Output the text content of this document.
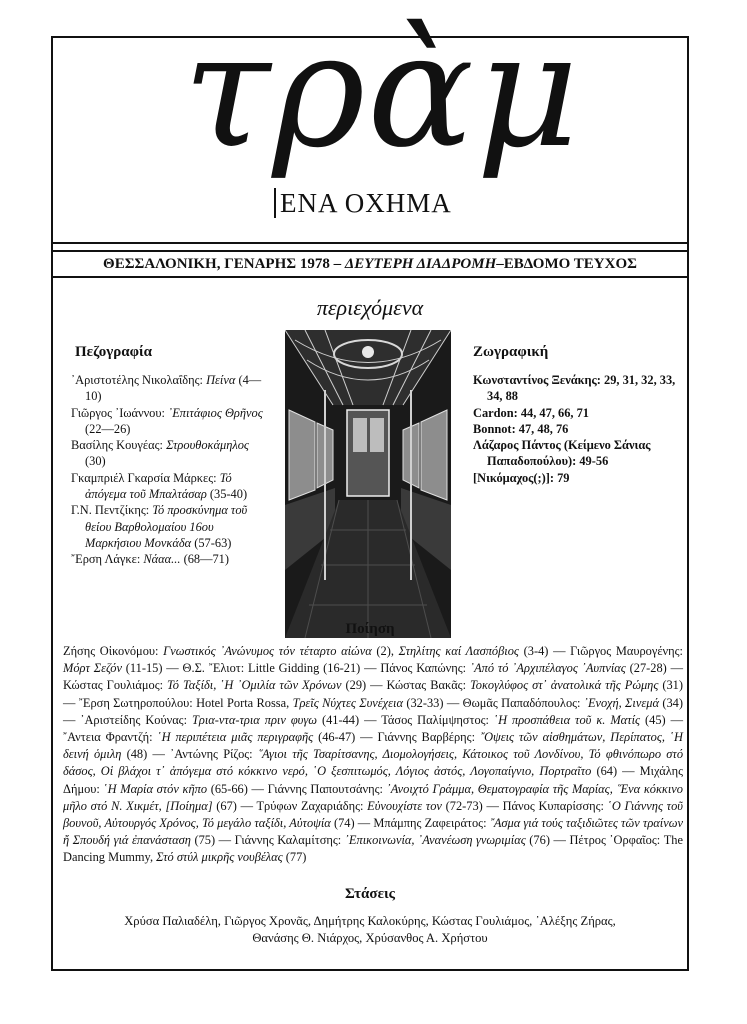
τρὰμ
ΕΝΑ ΟΧΗΜΑ
ΘΕΣΣΑΛΟΝΙΚΗ, ΓΕΝΑΡΗΣ 1978 – ΔΕΥΤΕΡΗ ΔΙΑΔΡΟΜΗ–ΕΒΔΟΜΟ ΤΕΥΧΟΣ
περιεχόμενα
Πεζογραφία
᾿Αριστοτέλης Νικολαΐδης: Πείνα (4—10)
Γιῶργος ᾿Ιωάννου: ᾿Επιτάφιος Θρῆνος (22—26)
Βασίλης Κουγέας: Στρουθοκάμηλος (30)
Γκαμπριέλ Γκαρσία Μάρκες: Τό ἀπόγεμα τοῦ Μπαλτάσαρ (35-40)
Γ.Ν. Πεντζίκης: Τό προσκύνημα τοῦ θείου Βαρθολομαίου 16ου Μαρκήσιου Μονκάδα (57-63)
῎Ερση Λάγκε: Νάαα... (68—71)
Ζωγραφική
Κωνσταντίνος Ξενάκης: 29, 31, 32, 33, 34, 88
Cardon: 44, 47, 66, 71
Bonnot: 47, 48, 76
Λάζαρος Πάντος (Κείμενο Σάνιας Παπαδοπούλου): 49-56
[Νικόμαχος(;)]: 79
Ποίηση
Ζήσης Οἰκονόμου: Γνωστικός ᾿Ανώνυμος τόν τέταρτο αἰώνα (2), Στηλίτης καί Λασπόβιος (3-4) — Γιῶργος Μαυρογένης: Μόρτ Σεζόν (11-15) — Θ.Σ. ῎Ελιοτ: Little Gidding (16-21) — Πάνος Καπώνης: ᾿Από τό ᾿Αρχιπέλαγος ᾿Αυπνίας (27-28) — Κώστας Γουλιάμος: Τό Ταξίδι, ῾Η ᾿Ομιλία τῶν Χρόνων (29) — Κώστας Βακᾶς: Τοκογλύφος στ᾿ ἀνατολικά τῆς Ρώμης (31) — ῎Ερση Σωτηροπούλου: Hotel Porta Rossa, Τρεῖς Νύχτες Συνέχεια (32-33) — Θωμᾶς Παπαδόπουλος: ᾿Ενοχή, Σινεμά (34) — ᾿Αριστείδης Κούνας: Τρια-ντα-τρια πριν φυγω (41-44) — Τάσος Παλίμψηστος: ῾Η προσπάθεια τοῦ κ. Ματίς (45) — ῎Αντεια Φραντζή: ῾Η περιπέτεια μιᾶς περιγραφῆς (46-47) — Γιάννης Βαρβέρης: ῎Οψεις τῶν αἰσθημάτων, Περίπατος, ῾Η δεινή ὁμιλη (48) — ᾿Αντώνης Ρίζος: ῞Αγιοι τῆς Τσαρίτσανης, Διομολογήσεις, Κάτοικος τοῦ Λονδίνου, Τό φθινόπωρο στό δάσος, Οἱ βλάχοι τ᾿ ἀπόγεμα στό κόκκινο νερό, ῾Ο ξεσπιτωμός, Λόγιος ἀστός, Λογοπαίγνιο, Πορτραῖτο (64) — Μιχάλης Δήμου: ῾Η Μαρία στόν κῆπο (65-66) — Γιάννης Παπουτσάνης: ᾿Ανοιχτό Γράμμα, Θεματογραφία τῆς Μαρίας, ῞Ενα κόκκινο μῆλο στό Ν. Χικμέτ, [Ποίημα] (67) — Τρύφων Ζαχαριάδης: Εὐνουχίστε τον (72-73) — Πάνος Κυπαρίσσης: ῾Ο Γιάννης τοῦ βουνοῦ, Αὐτουργός Χρόνος, Τό μεγάλο ταξίδι, Αὐτοψία (74) — Μπάμπης Ζαφειράτος: ῎Ασμα γιά τούς ταξιδιῶτες τῶν τραίνων ἤ Σπουδή γιά ἐπανάσταση (75) — Γιάννης Καλαμίτσης: ᾿Επικοινωνία, ᾿Ανανέωση γνωριμίας (76) — Πέτρος ᾿Ορφαῖος: The Dancing Mummy, Στό στύλ μικρῆς νουβέλας (77)
Στάσεις
Χρύσα Παλιαδέλη, Γιῶργος Χρονᾶς, Δημήτρης Καλοκύρης, Κώστας Γουλιάμος, ᾿Αλέξης Ζήρας,
Θανάσης Θ. Νιάρχος, Χρύσανθος Α. Χρήστου
